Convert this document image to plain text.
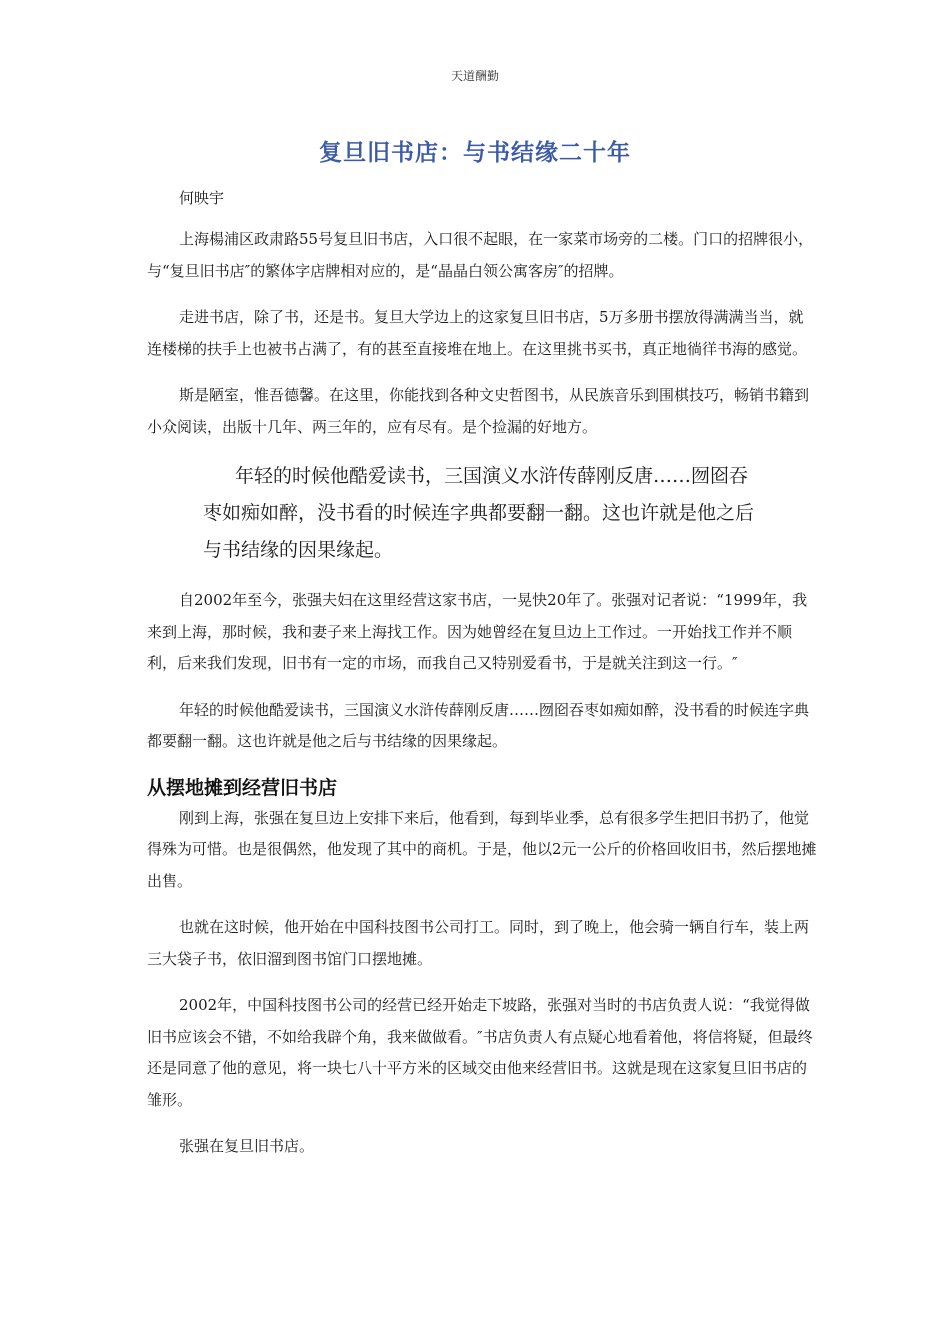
天道酬勤
复旦旧书店：与书结缘二十年

何映宇

上海楊浦区政肃路55号复旦旧书店，入口很不起眼，在一家菜市场旁的二楼。门口的招牌很小，与“复旦旧书店″的繁体字店牌相对应的，是“晶晶白领公寓客房″的招牌。

走进书店，除了书，还是书。复旦大学边上的这家复旦旧书店，5万多册书摆放得满满当当，就连楼梯的扶手上也被书占满了，有的甚至直接堆在地上。在这里挑书买书，真正地徜徉书海的感觉。

斯是陋室，惟吾德馨。在这里，你能找到各种文史哲图书，从民族音乐到围棋技巧，畅销书籍到小众阅读，出版十几年、两三年的，应有尽有。是个捡漏的好地方。

年轻的时候他酷爱读书，三国演义水浒传薛刚反唐……囫囵吞枣如痴如醉，没书看的时候连字典都要翻一翻。这也许就是他之后与书结缘的因果缘起。

自2002年至今，张强夫妇在这里经营这家书店，一晃快20年了。张强对记者说：“1999年，我来到上海，那时候，我和妻子来上海找工作。因为她曾经在复旦边上工作过。一开始找工作并不顺利，后来我们发现，旧书有一定的市场，而我自己又特别爱看书，于是就关注到这一行。″

年轻的时候他酷爱读书，三国演义水浒传薛刚反唐……囫囵吞枣如痴如醉，没书看的时候连字典都要翻一翻。这也许就是他之后与书结缘的因果缘起。

从摆地摊到经营旧书店

刚到上海，张强在复旦边上安排下来后，他看到，每到毕业季，总有很多学生把旧书扔了，他觉得殊为可惜。也是很偶然，他发现了其中的商机。于是，他以2元一公斤的价格回收旧书，然后摆地摊出售。

也就在这时候，他开始在中国科技图书公司打工。同时，到了晚上，他会骑一辆自行车，装上两三大袋子书，依旧溜到图书馆门口摆地摊。

2002年，中国科技图书公司的经营已经开始走下坡路，张强对当时的书店负责人说：“我觉得做旧书应该会不错，不如给我辟个角，我来做做看。″书店负责人有点疑心地看着他，将信将疑，但最终还是同意了他的意见，将一块七八十平方米的区域交由他来经营旧书。这就是现在这家复旦旧书店的雏形。

张强在复旦旧书店。
